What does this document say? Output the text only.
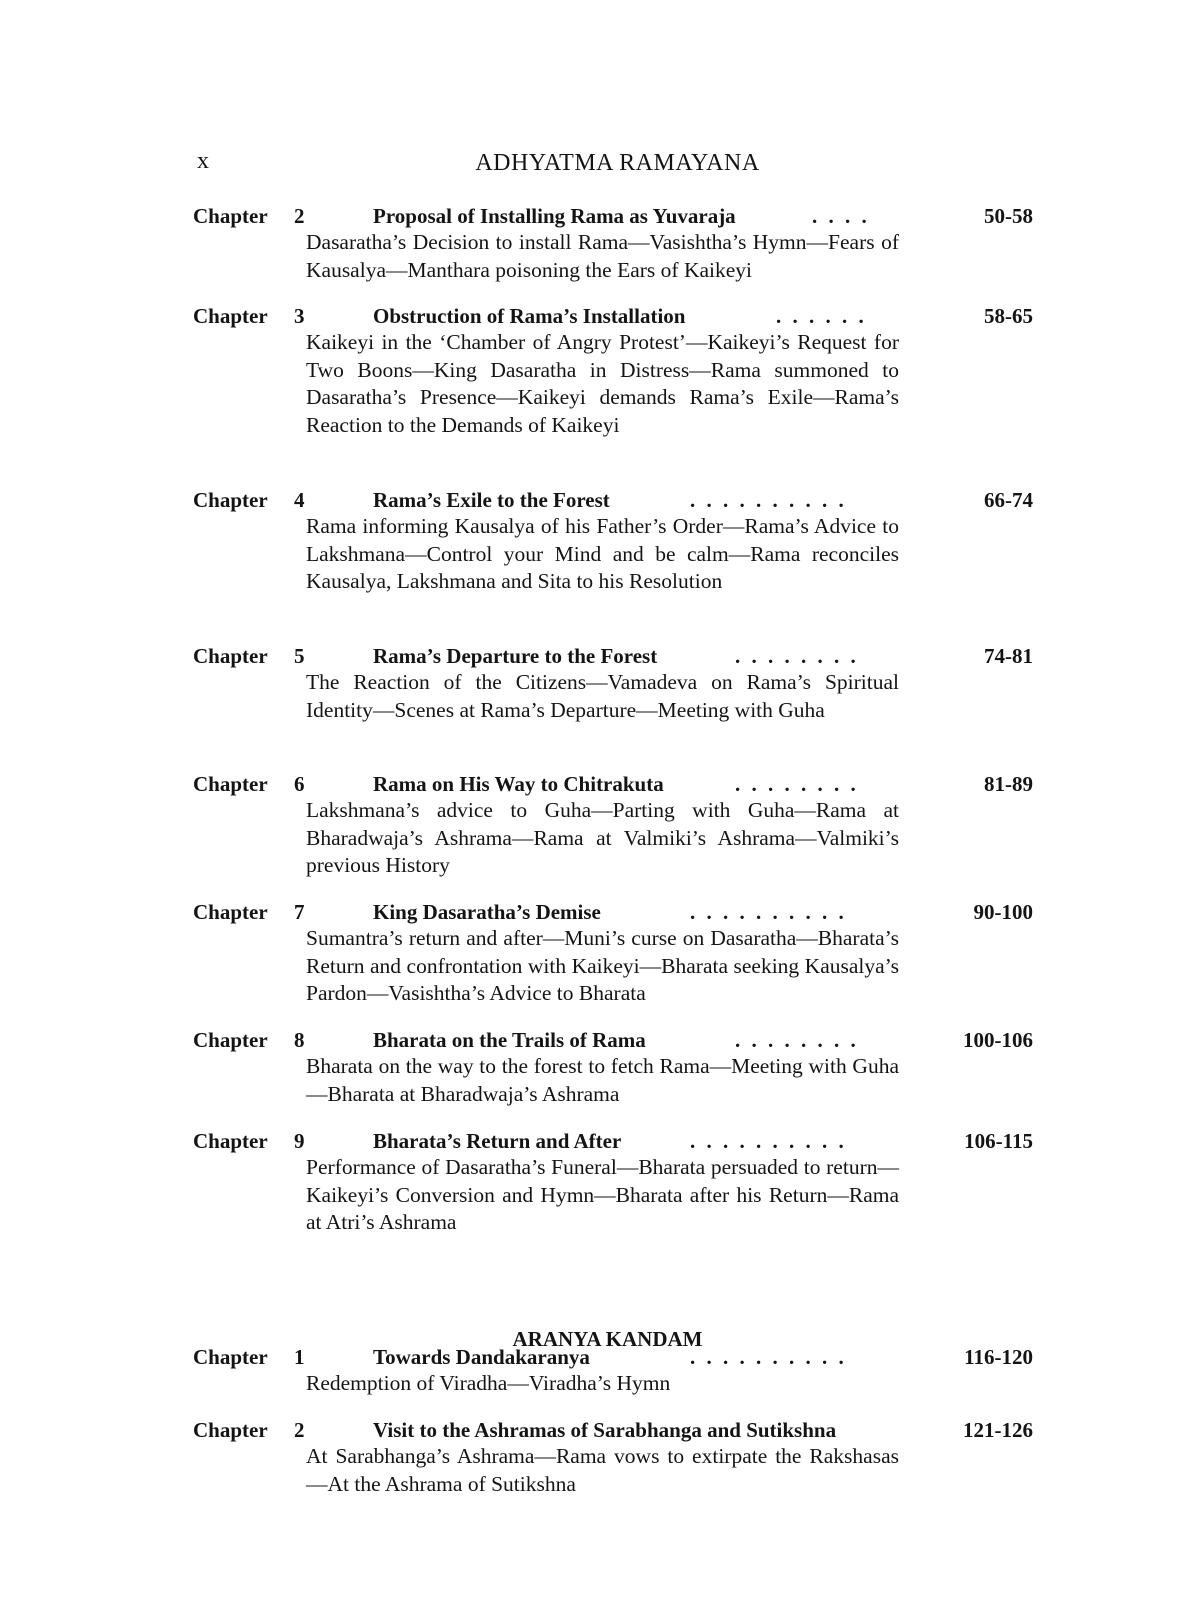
x	ADHYATMA RAMAYANA
Chapter 2	Proposal of Installing Rama as Yuvaraja	. . . .	50-58
Dasaratha’s Decision to install Rama—Vasishtha’s Hymn—Fears of Kausalya—Manthara poisoning the Ears of Kaikeyi
Chapter 3	Obstruction of Rama’s Installation	. . . . . .	58-65
Kaikeyi in the ‘Chamber of Angry Protest’—Kaikeyi’s Request for Two Boons—King Dasaratha in Distress—Rama summoned to Dasaratha’s Presence—Kaikeyi demands Rama’s Exile—Rama’s Reaction to the Demands of Kaikeyi
Chapter 4	Rama’s Exile to the Forest	. . . . . . . . . .	66-74
Rama informing Kausalya of his Father’s Order—Rama’s Advice to Lakshmana—Control your Mind and be calm—Rama reconciles Kausalya, Lakshmana and Sita to his Resolution
Chapter 5	Rama’s Departure to the Forest	. . . . . . . .	74-81
The Reaction of the Citizens—Vamadeva on Rama’s Spiritual Identity—Scenes at Rama’s Departure—Meeting with Guha
Chapter 6	Rama on His Way to Chitrakuta	. . . . . . . .	81-89
Lakshmana’s advice to Guha—Parting with Guha—Rama at Bharadwaja’s Ashrama—Rama at Valmiki’s Ashrama—Valmiki’s previous History
Chapter 7	King Dasaratha’s Demise	. . . . . . . . . .	90-100
Sumantra’s return and after—Muni’s curse on Dasaratha—Bharata’s Return and confrontation with Kaikeyi—Bharata seeking Kausalya’s Pardon—Vasishtha’s Advice to Bharata
Chapter 8	Bharata on the Trails of Rama	. . . . . . . .	100-106
Bharata on the way to the forest to fetch Rama—Meeting with Guha—Bharata at Bharadwaja’s Ashrama
Chapter 9	Bharata’s Return and After	. . . . . . . . . .	106-115
Performance of Dasaratha’s Funeral—Bharata persuaded to return—Kaikeyi’s Conversion and Hymn—Bharata after his Return—Rama at Atri’s Ashrama
ARANYA KANDAM
Chapter 1	Towards Dandakaranya	. . . . . . . . . .	116-120
Redemption of Viradha—Viradha’s Hymn
Chapter 2	Visit to the Ashramas of Sarabhanga and Sutikshna	121-126
At Sarabhanga’s Ashrama—Rama vows to extirpate the Rakshasas—At the Ashrama of Sutikshna
